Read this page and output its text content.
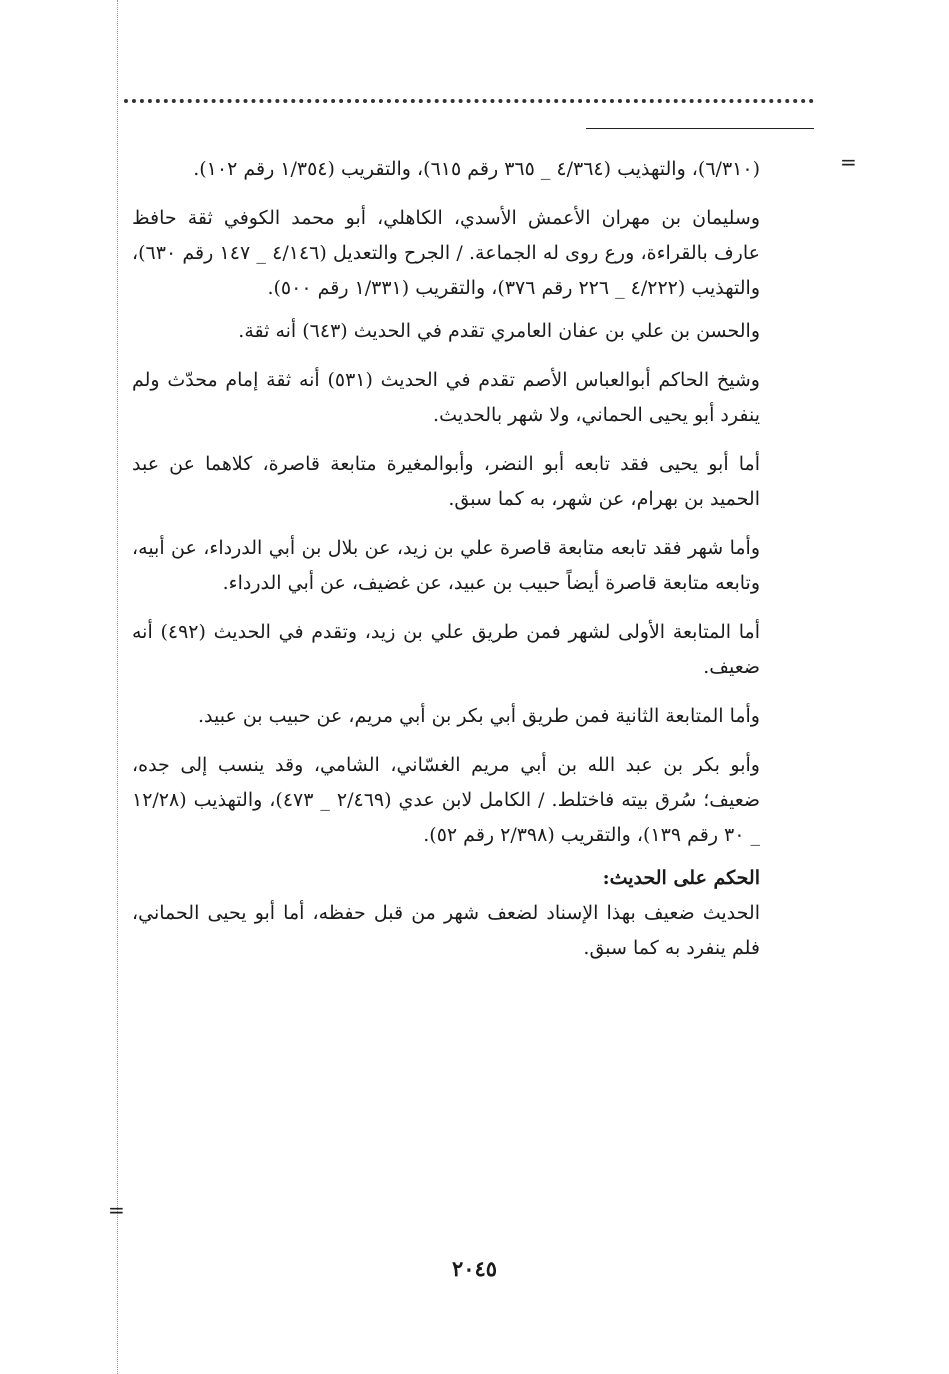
=

(٦/٣١٠)، والتهذيب (٤/٣٦٤ _ ٣٦٥ رقم ٦١٥)، والتقريب (١/٣٥٤ رقم ١٠٢).

وسليمان بن مهران الأعمش الأسدي، الكاهلي، أبو محمد الكوفي ثقة حافظ عارف بالقراءة، ورع روى له الجماعة. / الجرح والتعديل (٤/١٤٦ _ ١٤٧ رقم ٦٣٠)، والتهذيب (٤/٢٢٢ _ ٢٢٦ رقم ٣٧٦)، والتقريب (١/٣٣١ رقم ٥٠٠).

والحسن بن علي بن عفان العامري تقدم في الحديث (٦٤٣) أنه ثقة.

وشيخ الحاكم أبوالعباس الأصم تقدم في الحديث (٥٣١) أنه ثقة إمام محدّث ولم ينفرد أبو يحيى الحماني، ولا شهر بالحديث.

أما أبو يحيى فقد تابعه أبو النضر، وأبوالمغيرة متابعة قاصرة، كلاهما عن عبد الحميد بن بهرام، عن شهر، به كما سبق.

وأما شهر فقد تابعه متابعة قاصرة علي بن زيد، عن بلال بن أبي الدرداء، عن أبيه، وتابعه متابعة قاصرة أيضاً حبيب بن عبيد، عن غضيف، عن أبي الدرداء.

أما المتابعة الأولى لشهر فمن طريق علي بن زيد، وتقدم في الحديث (٤٩٢) أنه ضعيف.

وأما المتابعة الثانية فمن طريق أبي بكر بن أبي مريم، عن حبيب بن عبيد.

وأبو بكر بن عبد الله بن أبي مريم الغسّاني، الشامي، وقد ينسب إلى جده، ضعيف؛ سُرق بيته فاختلط. / الكامل لابن عدي (٢/٤٦٩ _ ٤٧٣)، والتهذيب (١٢/٢٨ _ ٣٠ رقم ١٣٩)، والتقريب (٢/٣٩٨ رقم ٥٢).

الحكم على الحديث:

الحديث ضعيف بهذا الإسناد لضعف شهر من قبل حفظه، أما أبو يحيى الحماني، فلم ينفرد به كما سبق.

=
٢٠٤٥
